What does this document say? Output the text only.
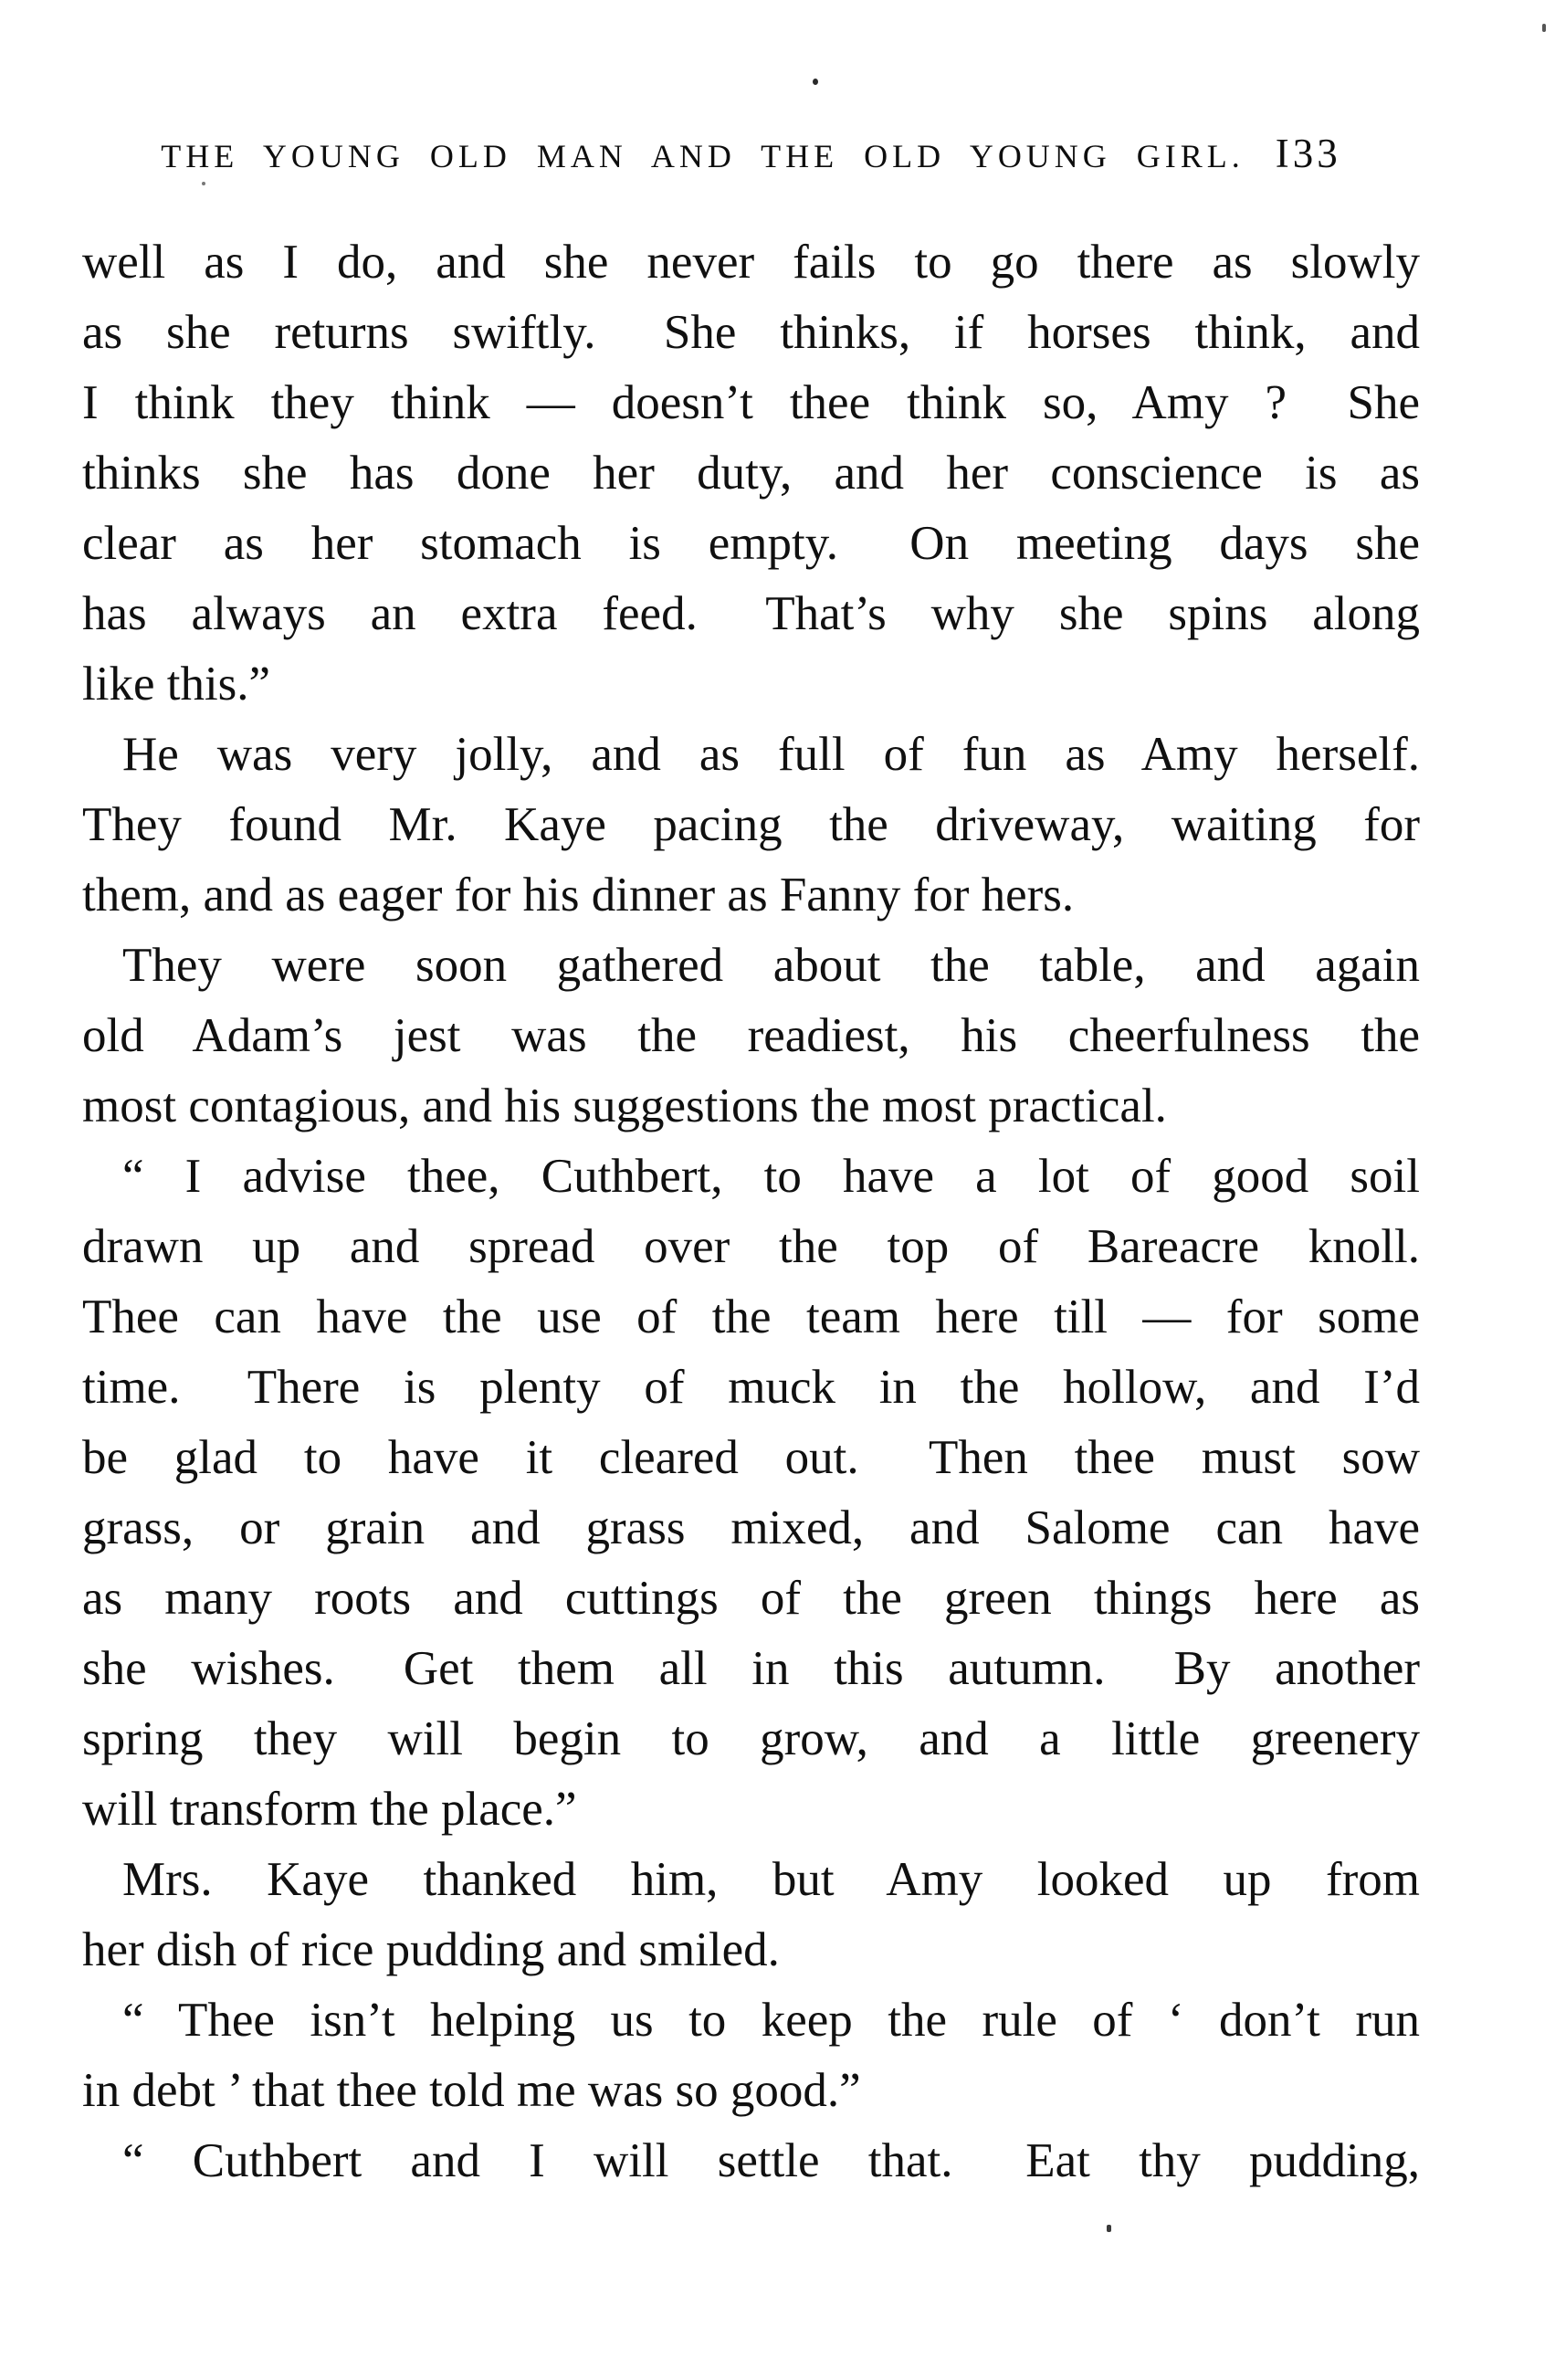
THE YOUNG OLD MAN AND THE OLD YOUNG GIRL. I33
well as I do, and she never fails to go there as slowly
as she returns swiftly.  She thinks, if horses think, and
I think they think — doesn’t thee think so, Amy ?  She
thinks she has done her duty, and her conscience is as
clear as her stomach is empty.  On meeting days she
has always an extra feed.  That’s why she spins along
like this.”
He was very jolly, and as full of fun as Amy herself.
They found Mr. Kaye pacing the driveway, waiting for
them, and as eager for his dinner as Fanny for hers.
They were soon gathered about the table, and again
old Adam’s jest was the readiest, his cheerfulness the
most contagious, and his suggestions the most practical.
“ I advise thee, Cuthbert, to have a lot of good soil
drawn up and spread over the top of Bareacre knoll.
Thee can have the use of the team here till — for some
time.  There is plenty of muck in the hollow, and I’d
be glad to have it cleared out.  Then thee must sow
grass, or grain and grass mixed, and Salome can have
as many roots and cuttings of the green things here as
she wishes.  Get them all in this autumn.  By another
spring they will begin to grow, and a little greenery
will transform the place.”
Mrs. Kaye thanked him, but Amy looked up from
her dish of rice pudding and smiled.
“ Thee isn’t helping us to keep the rule of ‘ don’t run
in debt ’ that thee told me was so good.”
“ Cuthbert and I will settle that.  Eat thy pudding,
